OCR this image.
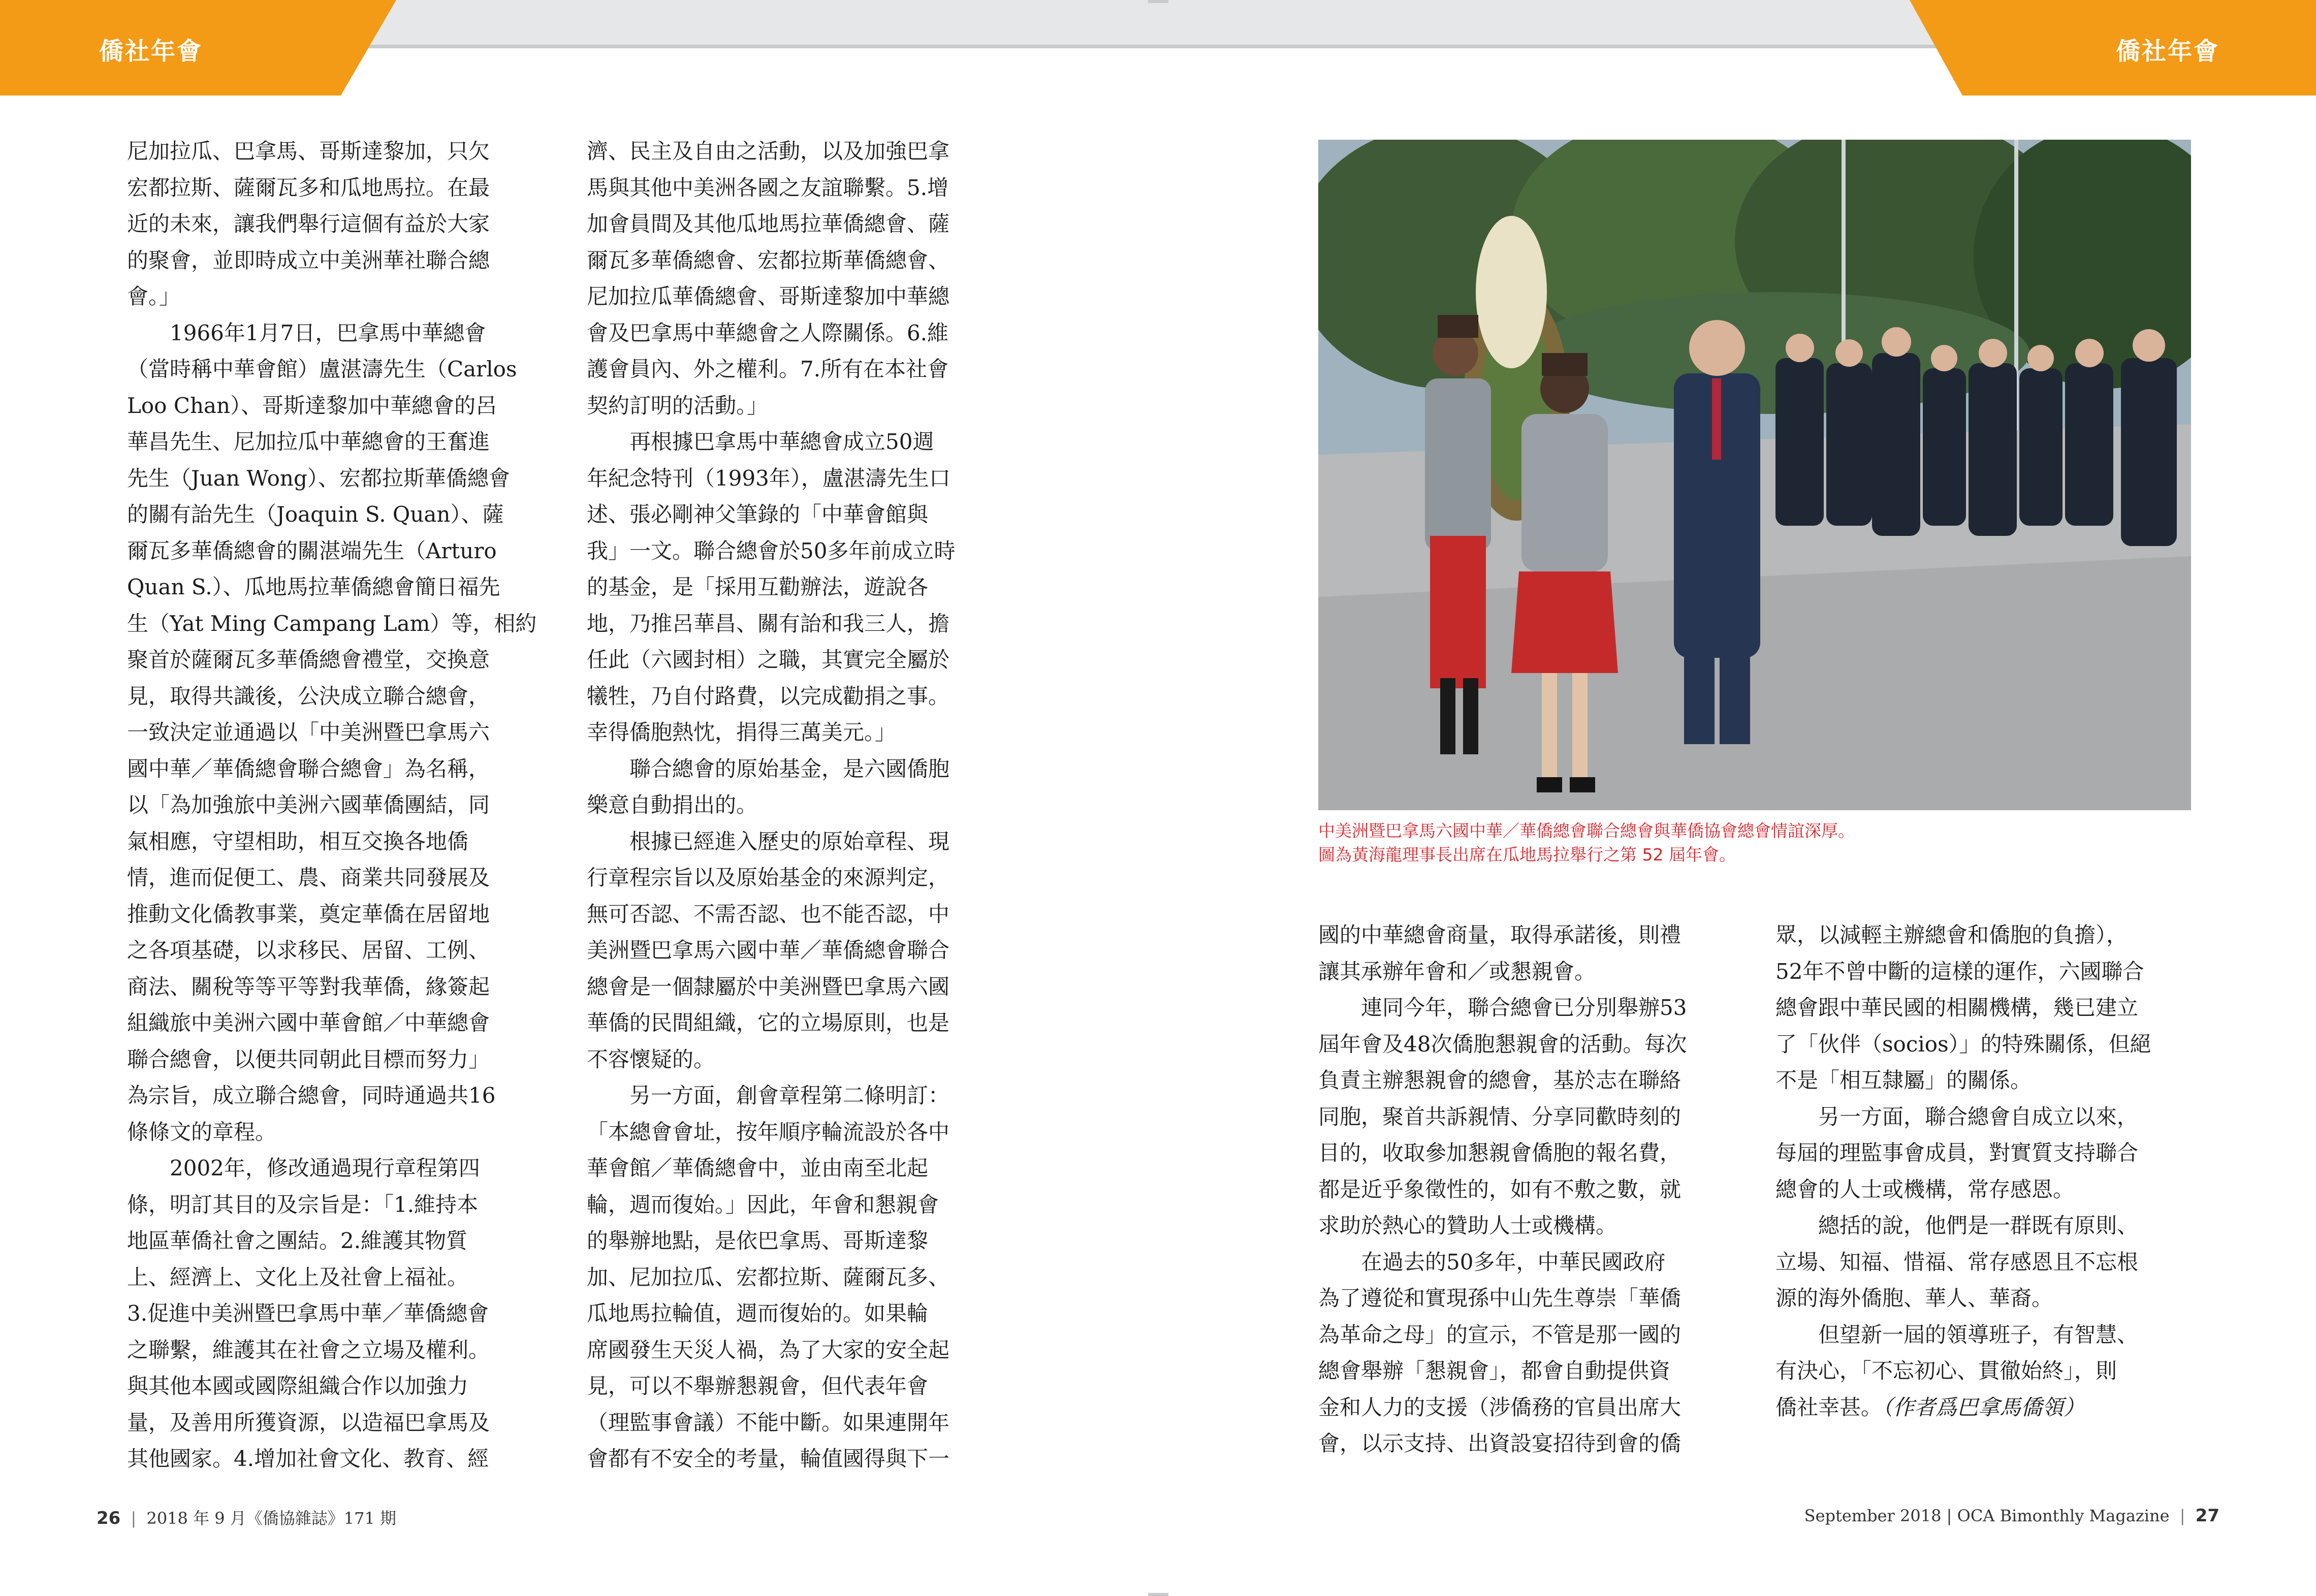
僑社年會	僑社年會

尼加拉瓜、巴拿馬、哥斯達黎加，只欠
宏都拉斯、薩爾瓦多和瓜地馬拉。在最
近的未來，讓我們舉行這個有益於大家
的聚會，並即時成立中美洲華社聯合總
會。」

1966年1月7日，巴拿馬中華總會
（當時稱中華會館）盧湛濤先生（Carlos
Loo Chan）、哥斯達黎加中華總會的呂
華昌先生、尼加拉瓜中華總會的王奮進
先生（Juan Wong）、宏都拉斯華僑總會
的關有詒先生（Joaquin S. Quan）、薩
爾瓦多華僑總會的關湛端先生（Arturo
Quan S.）、瓜地馬拉華僑總會簡日福先
生（Yat Ming Campang Lam）等，相約
聚首於薩爾瓦多華僑總會禮堂，交換意
見，取得共識後，公決成立聯合總會，
一致決定並通過以「中美洲暨巴拿馬六
國中華／華僑總會聯合總會」為名稱，
以「為加強旅中美洲六國華僑團結，同
氣相應，守望相助，相互交換各地僑
情，進而促便工、農、商業共同發展及
推動文化僑教事業，奠定華僑在居留地
之各項基礎，以求移民、居留、工例、
商法、關稅等等平等對我華僑，緣簽起
組織旅中美洲六國中華會館／中華總會
聯合總會，以便共同朝此目標而努力」
為宗旨，成立聯合總會，同時通過共16
條條文的章程。

2002年，修改通過現行章程第四
條，明訂其目的及宗旨是：「1.維持本
地區華僑社會之團結。2.維護其物質
上、經濟上、文化上及社會上福祉。
3.促進中美洲暨巴拿馬中華／華僑總會
之聯繫，維護其在社會之立場及權利。
與其他本國或國際組織合作以加強力
量，及善用所獲資源，以造福巴拿馬及
其他國家。4.增加社會文化、教育、經

濟、民主及自由之活動，以及加強巴拿
馬與其他中美洲各國之友誼聯繫。5.增
加會員間及其他瓜地馬拉華僑總會、薩
爾瓦多華僑總會、宏都拉斯華僑總會、
尼加拉瓜華僑總會、哥斯達黎加中華總
會及巴拿馬中華總會之人際關係。6.維
護會員內、外之權利。7.所有在本社會
契約訂明的活動。」

再根據巴拿馬中華總會成立50週
年紀念特刊（1993年），盧湛濤先生口
述、張必剛神父筆錄的「中華會館與
我」一文。聯合總會於50多年前成立時
的基金，是「採用互勸辦法，遊說各
地，乃推呂華昌、關有詒和我三人，擔
任此（六國封相）之職，其實完全屬於
犧牲，乃自付路費，以完成勸捐之事。
幸得僑胞熱忱，捐得三萬美元。」

聯合總會的原始基金，是六國僑胞
樂意自動捐出的。

根據已經進入歷史的原始章程、現
行章程宗旨以及原始基金的來源判定，
無可否認、不需否認、也不能否認，中
美洲暨巴拿馬六國中華／華僑總會聯合
總會是一個隸屬於中美洲暨巴拿馬六國
華僑的民間組織，它的立場原則，也是
不容懷疑的。

另一方面，創會章程第二條明訂：
「本總會會址，按年順序輪流設於各中
華會館／華僑總會中，並由南至北起
輪，週而復始。」因此，年會和懇親會
的舉辦地點，是依巴拿馬、哥斯達黎
加、尼加拉瓜、宏都拉斯、薩爾瓦多、
瓜地馬拉輪值，週而復始的。如果輪
席國發生天災人禍，為了大家的安全起
見，可以不舉辦懇親會，但代表年會
（理監事會議）不能中斷。如果連開年
會都有不安全的考量，輪值國得與下一

中美洲暨巴拿馬六國中華／華僑總會聯合總會與華僑協會總會情誼深厚。
圖為黃海龍理事長出席在瓜地馬拉舉行之第 52 屆年會。

國的中華總會商量，取得承諾後，則禮
讓其承辦年會和／或懇親會。

連同今年，聯合總會已分別舉辦53
屆年會及48次僑胞懇親會的活動。每次
負責主辦懇親會的總會，基於志在聯絡
同胞，聚首共訴親情、分享同歡時刻的
目的，收取參加懇親會僑胞的報名費，
都是近乎象徵性的，如有不敷之數，就
求助於熱心的贊助人士或機構。

在過去的50多年，中華民國政府
為了遵從和實現孫中山先生尊崇「華僑
為革命之母」的宣示，不管是那一國的
總會舉辦「懇親會」，都會自動提供資
金和人力的支援（涉僑務的官員出席大
會，以示支持、出資設宴招待到會的僑

眾，以減輕主辦總會和僑胞的負擔），
52年不曾中斷的這樣的運作，六國聯合
總會跟中華民國的相關機構，幾已建立
了「伙伴（socios）」的特殊關係，但絕
不是「相互隸屬」的關係。

另一方面，聯合總會自成立以來，
每屆的理監事會成員，對實質支持聯合
總會的人士或機構，常存感恩。

總括的說，他們是一群既有原則、
立場、知福、惜福、常存感恩且不忘根
源的海外僑胞、華人、華裔。

但望新一屆的領導班子，有智慧、
有決心，「不忘初心、貫徹始終」，則
僑社幸甚。（作者爲巴拿馬僑領）

26 | 2018 年 9 月《僑協雜誌》171 期	September 2018 | OCA Bimonthly Magazine | 27
